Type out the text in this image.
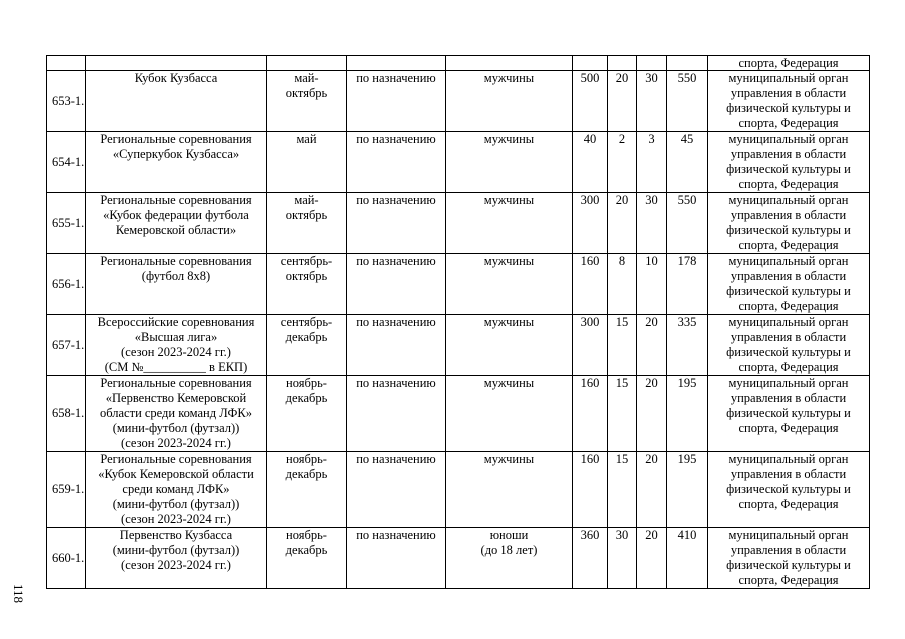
									спорта, Федерация
653-1.	Кубок Кузбасса	май-
октябрь	по назначению	мужчины	500	20	30	550	муниципальный орган
управления в области
физической культуры и
спорта, Федерация

654-1.	Региональные соревнования
«Суперкубок Кузбасса»	май	по назначению	мужчины	40	2	3	45	муниципальный орган
управления в области
физической культуры и
спорта, Федерация

655-1.	Региональные соревнования
«Кубок федерации футбола
Кемеровской области»	май-
октябрь	по назначению	мужчины	300	20	30	550	муниципальный орган
управления в области
физической культуры и
спорта, Федерация

656-1.	Региональные соревнования
(футбол 8х8)	сентябрь-
октябрь	по назначению	мужчины	160	8	10	178	муниципальный орган
управления в области
физической культуры и
спорта, Федерация

657-1.	Всероссийские соревнования
«Высшая лига»
(сезон 2023-2024 гг.)
(СМ №__________ в ЕКП)	сентябрь-
декабрь	по назначению	мужчины	300	15	20	335	муниципальный орган
управления в области
физической культуры и
спорта, Федерация

658-1.	Региональные соревнования
«Первенство Кемеровской
области среди команд ЛФК»
(мини-футбол (футзал))
(сезон 2023-2024 гг.)	ноябрь-
декабрь	по назначению	мужчины	160	15	20	195	муниципальный орган
управления в области
физической культуры и
спорта, Федерация

659-1.	Региональные соревнования
«Кубок Кемеровской области
среди команд ЛФК»
(мини-футбол (футзал))
(сезон 2023-2024 гг.)	ноябрь-
декабрь	по назначению	мужчины	160	15	20	195	муниципальный орган
управления в области
физической культуры и
спорта, Федерация

660-1.	Первенство Кузбасса
(мини-футбол (футзал))
(сезон 2023-2024 гг.)	ноябрь-
декабрь	по назначению	юноши
(до 18 лет)	360	30	20	410	муниципальный орган
управления в области
физической культуры и
спорта, Федерация
118
